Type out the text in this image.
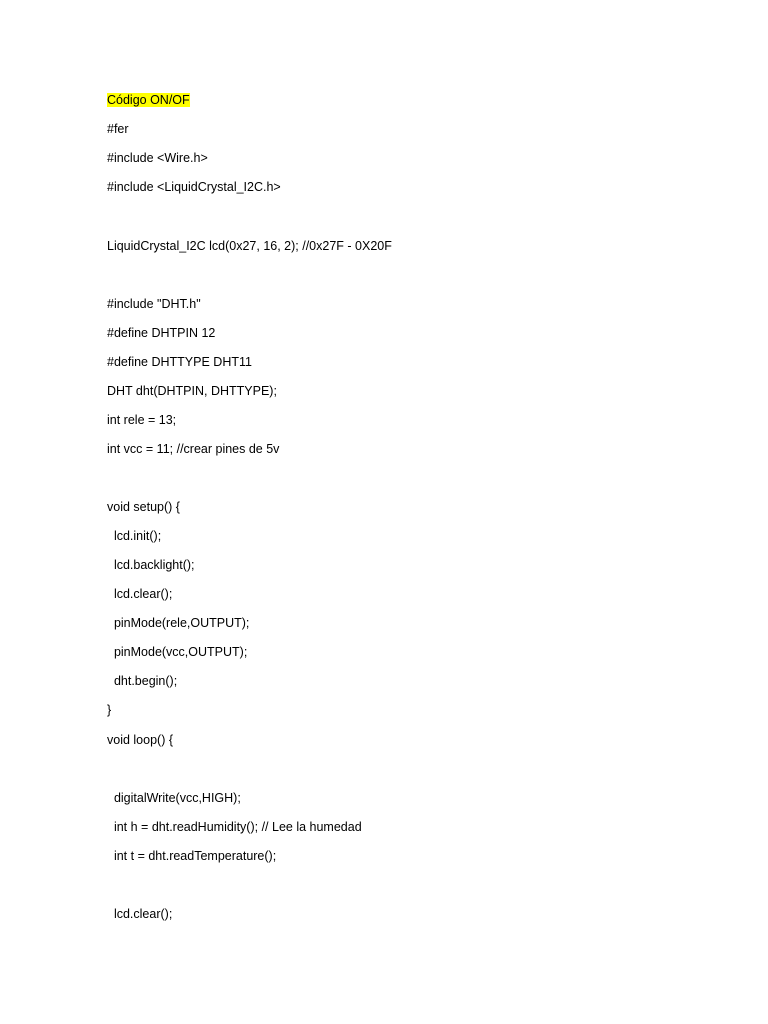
Código ON/OF
#fer
#include <Wire.h>
#include <LiquidCrystal_I2C.h>
LiquidCrystal_I2C lcd(0x27, 16, 2); //0x27F - 0X20F
#include "DHT.h"
#define DHTPIN 12
#define DHTTYPE DHT11
DHT dht(DHTPIN, DHTTYPE);
int rele = 13;
int vcc = 11; //crear pines de 5v
void setup() {
lcd.init();
lcd.backlight();
lcd.clear();
pinMode(rele,OUTPUT);
pinMode(vcc,OUTPUT);
dht.begin();
}
void loop() {
digitalWrite(vcc,HIGH);
int h = dht.readHumidity(); // Lee la humedad
int t = dht.readTemperature();
lcd.clear();
